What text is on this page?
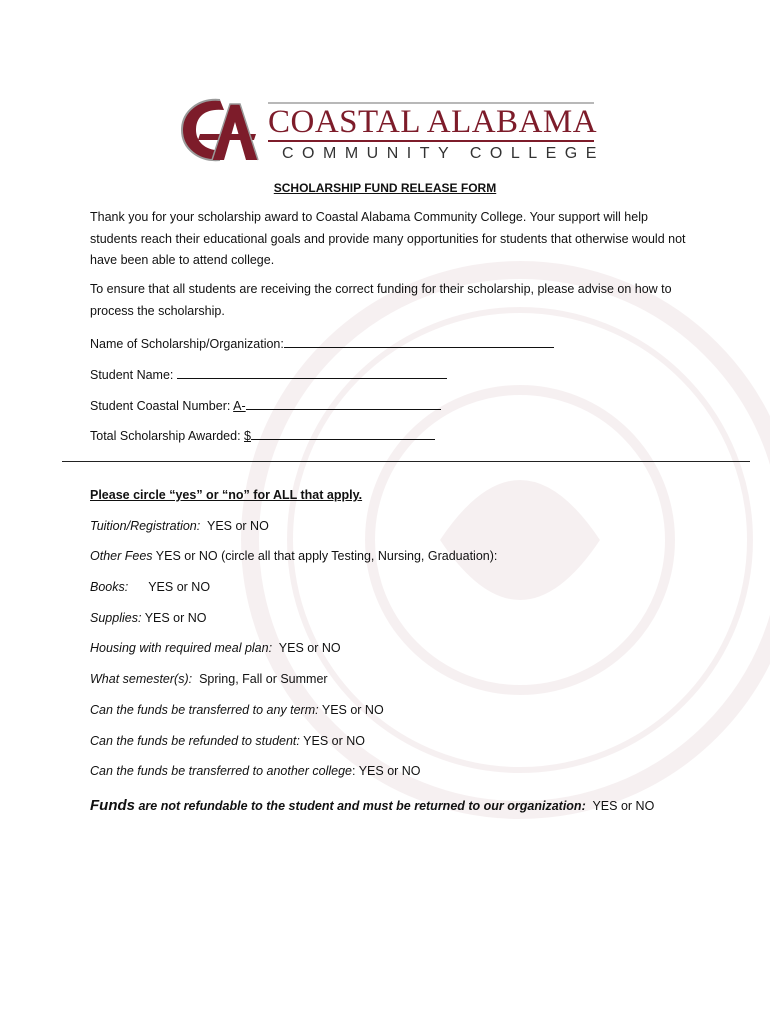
COASTAL ALABAMA
COMMUNITY COLLEGE
SCHOLARSHIP FUND RELEASE FORM

Thank you for your scholarship award to Coastal Alabama Community College. Your support will help students reach their educational goals and provide many opportunities for students that otherwise would not have been able to attend college.

To ensure that all students are receiving the correct funding for their scholarship, please advise on how to process the scholarship.

Name of Scholarship/Organization:
Student Name:
Student Coastal Number: A-
Total Scholarship Awarded: $
Please circle “yes” or “no” for ALL that apply.
Tuition/Registration: YES or NO
Other Fees YES or NO (circle all that apply Testing, Nursing, Graduation):
Books: YES or NO
Supplies: YES or NO
Housing with required meal plan: YES or NO
What semester(s): Spring, Fall or Summer
Can the funds be transferred to any term: YES or NO
Can the funds be refunded to student: YES or NO
Can the funds be transferred to another college: YES or NO
Funds are not refundable to the student and must be returned to our organization: YES or NO
